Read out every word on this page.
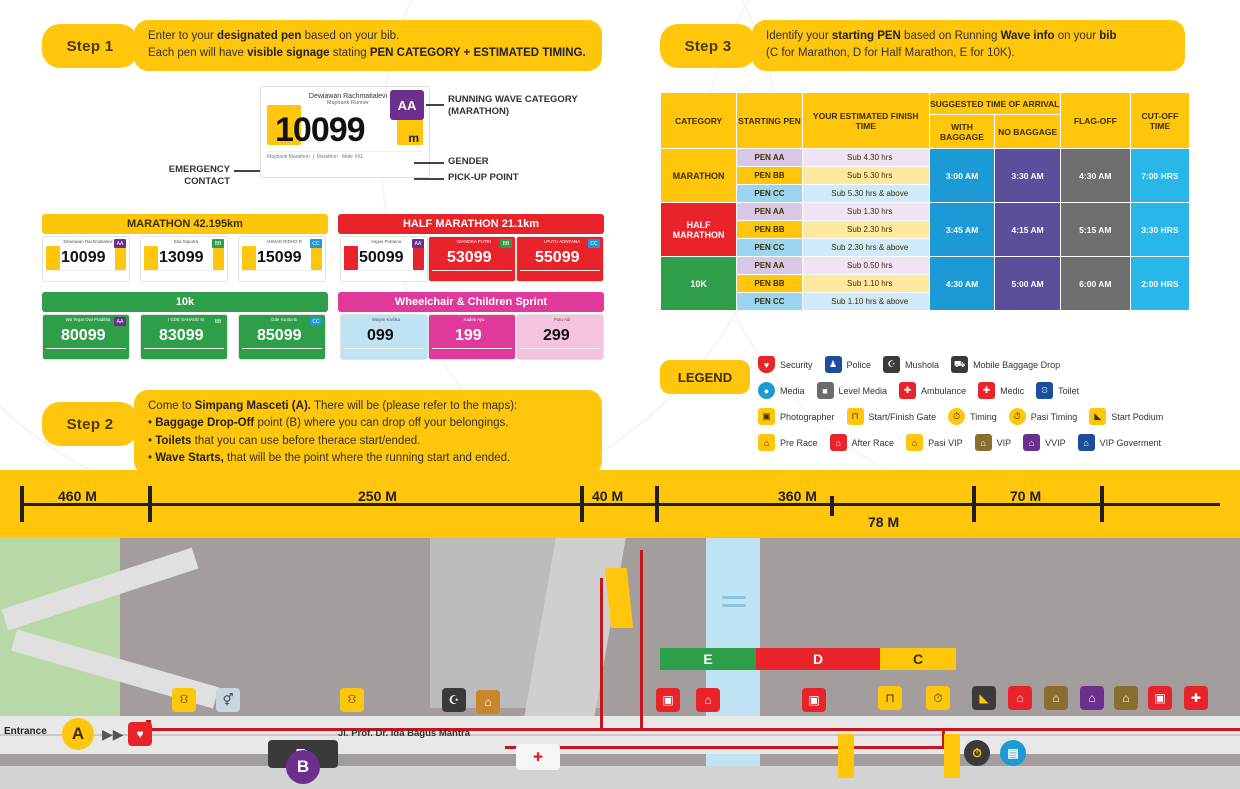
Step 1
Enter to your designated pen based on your bib.
Each pen will have visible signage stating PEN CATEGORY + ESTIMATED TIMING.
Dewiawan Rachmatialevi
Maybank Runner
10099	m
Maybank Marathon  |  Marathon Male XXL
AA	RUNNING WAVE CATEGORY (MARATHON)
GENDER
PICK-UP POINT
EMERGENCY CONTACT
MARATHON 42.195km	HALF MARATHON 21.1km
10k	Wheelchair & Children Sprint
AA
Dewiawan Rachmatialevi
10099
BB
Eka Saputra
13099
CC
AHMAD RIDHO R
15099
AA
Aagus Pratama
50099
BB
DIANDRA PUTRI
53099
CC
I PUTU ADNYANA
55099
AA
Wa Tegar Dwi Praditha
80099
BB
I GDE SAHADE M
83099
CC
Gde Ka Ba B
85099
Wayan Kartika
099
Kadek Ayu
199
Putu Adi
299
Step 2
Come to Simpang Masceti (A). There will be (please refer to the maps):
• Baggage Drop-Off point (B) where you can drop off your belongings.
• Toilets that you can use before therace start/ended.
• Wave Starts, that will be the point where the running start and ended.
Step 3
Identify your starting PEN based on Running Wave info on your bib
(C for Marathon, D for Half Marathon, E for 10K).
CATEGORY	STARTING PEN	YOUR ESTIMATED FINISH TIME	SUGGESTED TIME OF ARRIVAL		FLAG-OFF	CUT-OFF TIME
			WITH BAGGAGE	NO BAGGAGE		
MARATHON	PEN AA	Sub 4.30 hrs	3:00 AM	3:30 AM	4:30 AM	7:00 HRS
	PEN BB	Sub 5.30 hrs				
	PEN CC	Sub 5.30 hrs & above				
HALF MARATHON	PEN AA	Sub 1.30 hrs	3:45 AM	4:15 AM	5:15 AM	3:30 HRS
	PEN BB	Sub 2.30 hrs				
	PEN CC	Sub 2.30 hrs & above				
10K	PEN AA	Sub 0.50 hrs	4:30 AM	5:00 AM	6:00 AM	2:00 HRS
	PEN BB	Sub 1.10 hrs				
	PEN CC	Sub 1.10 hrs & above				
LEGEND
♥	Security	♟	Police	☪	Mushola	⛟ Mobile Baggage Drop
●	Media	■	Level Media	✚	Ambulance	✚	Medic	⛻	Toilet
▣	Photographer	⊓	Start/Finish Gate	⏱	Timing	⏱	Pasi Timing	◣	Start Podium
⌂	Pre Race	⌂	After Race	⌂	Pasi VIP	⌂	VIP	⌂	VVIP	⌂	VIP Goverment
460 M	250 M	40 M	360 M	70 M
78 M
E	D	C
⛻	⚥	⛻	☪	⌂	▣	⌂	▣	⊓	⏱	◣	⌂	⌂	⌂	⌂	▣	✚
✚	⏱	▤
Entrance A ▶▶	♥
B
Jl. Prof. Dr. Ida Bagus Mantra
